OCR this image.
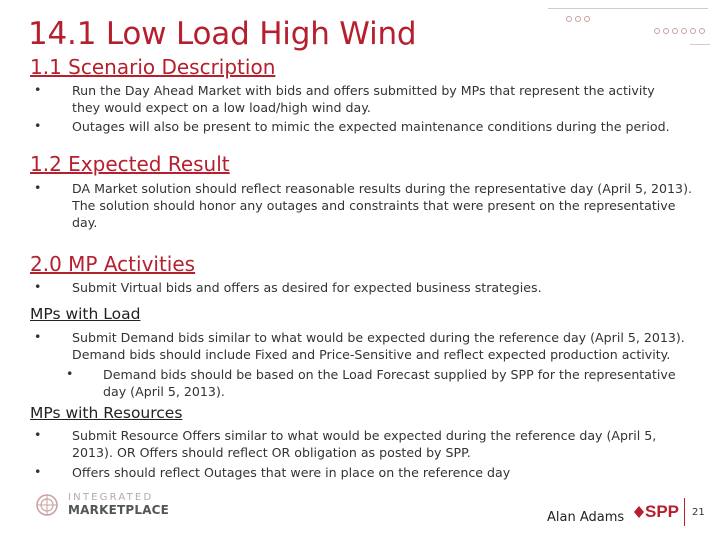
14.1 Low Load High Wind
1.1 Scenario Description
• Run the Day Ahead Market with bids and offers submitted by MPs that represent the activity
they would expect on a low load/high wind day.
• Outages will also be present to mimic the expected maintenance conditions during the period.
1.2 Expected Result
• DA Market solution should reflect reasonable results during the representative day (April 5, 2013).
The solution should honor any outages and constraints that were present on the representative
day.
2.0 MP Activities
• Submit Virtual bids and offers as desired for expected business strategies.
MPs with Load
• Submit Demand bids similar to what would be expected during the reference day (April 5, 2013).
Demand bids should include Fixed and Price-Sensitive and reflect expected production activity.
• Demand bids should be based on the Load Forecast supplied by SPP for the representative
day (April 5, 2013).
MPs with Resources
• Submit Resource Offers similar to what would be expected during the reference day (April 5,
2013). OR Offers should reflect OR obligation as posted by SPP.
• Offers should reflect Outages that were in place on the reference day
INTEGRATED
MARKETPLACE	Alan Adams SPP 21
